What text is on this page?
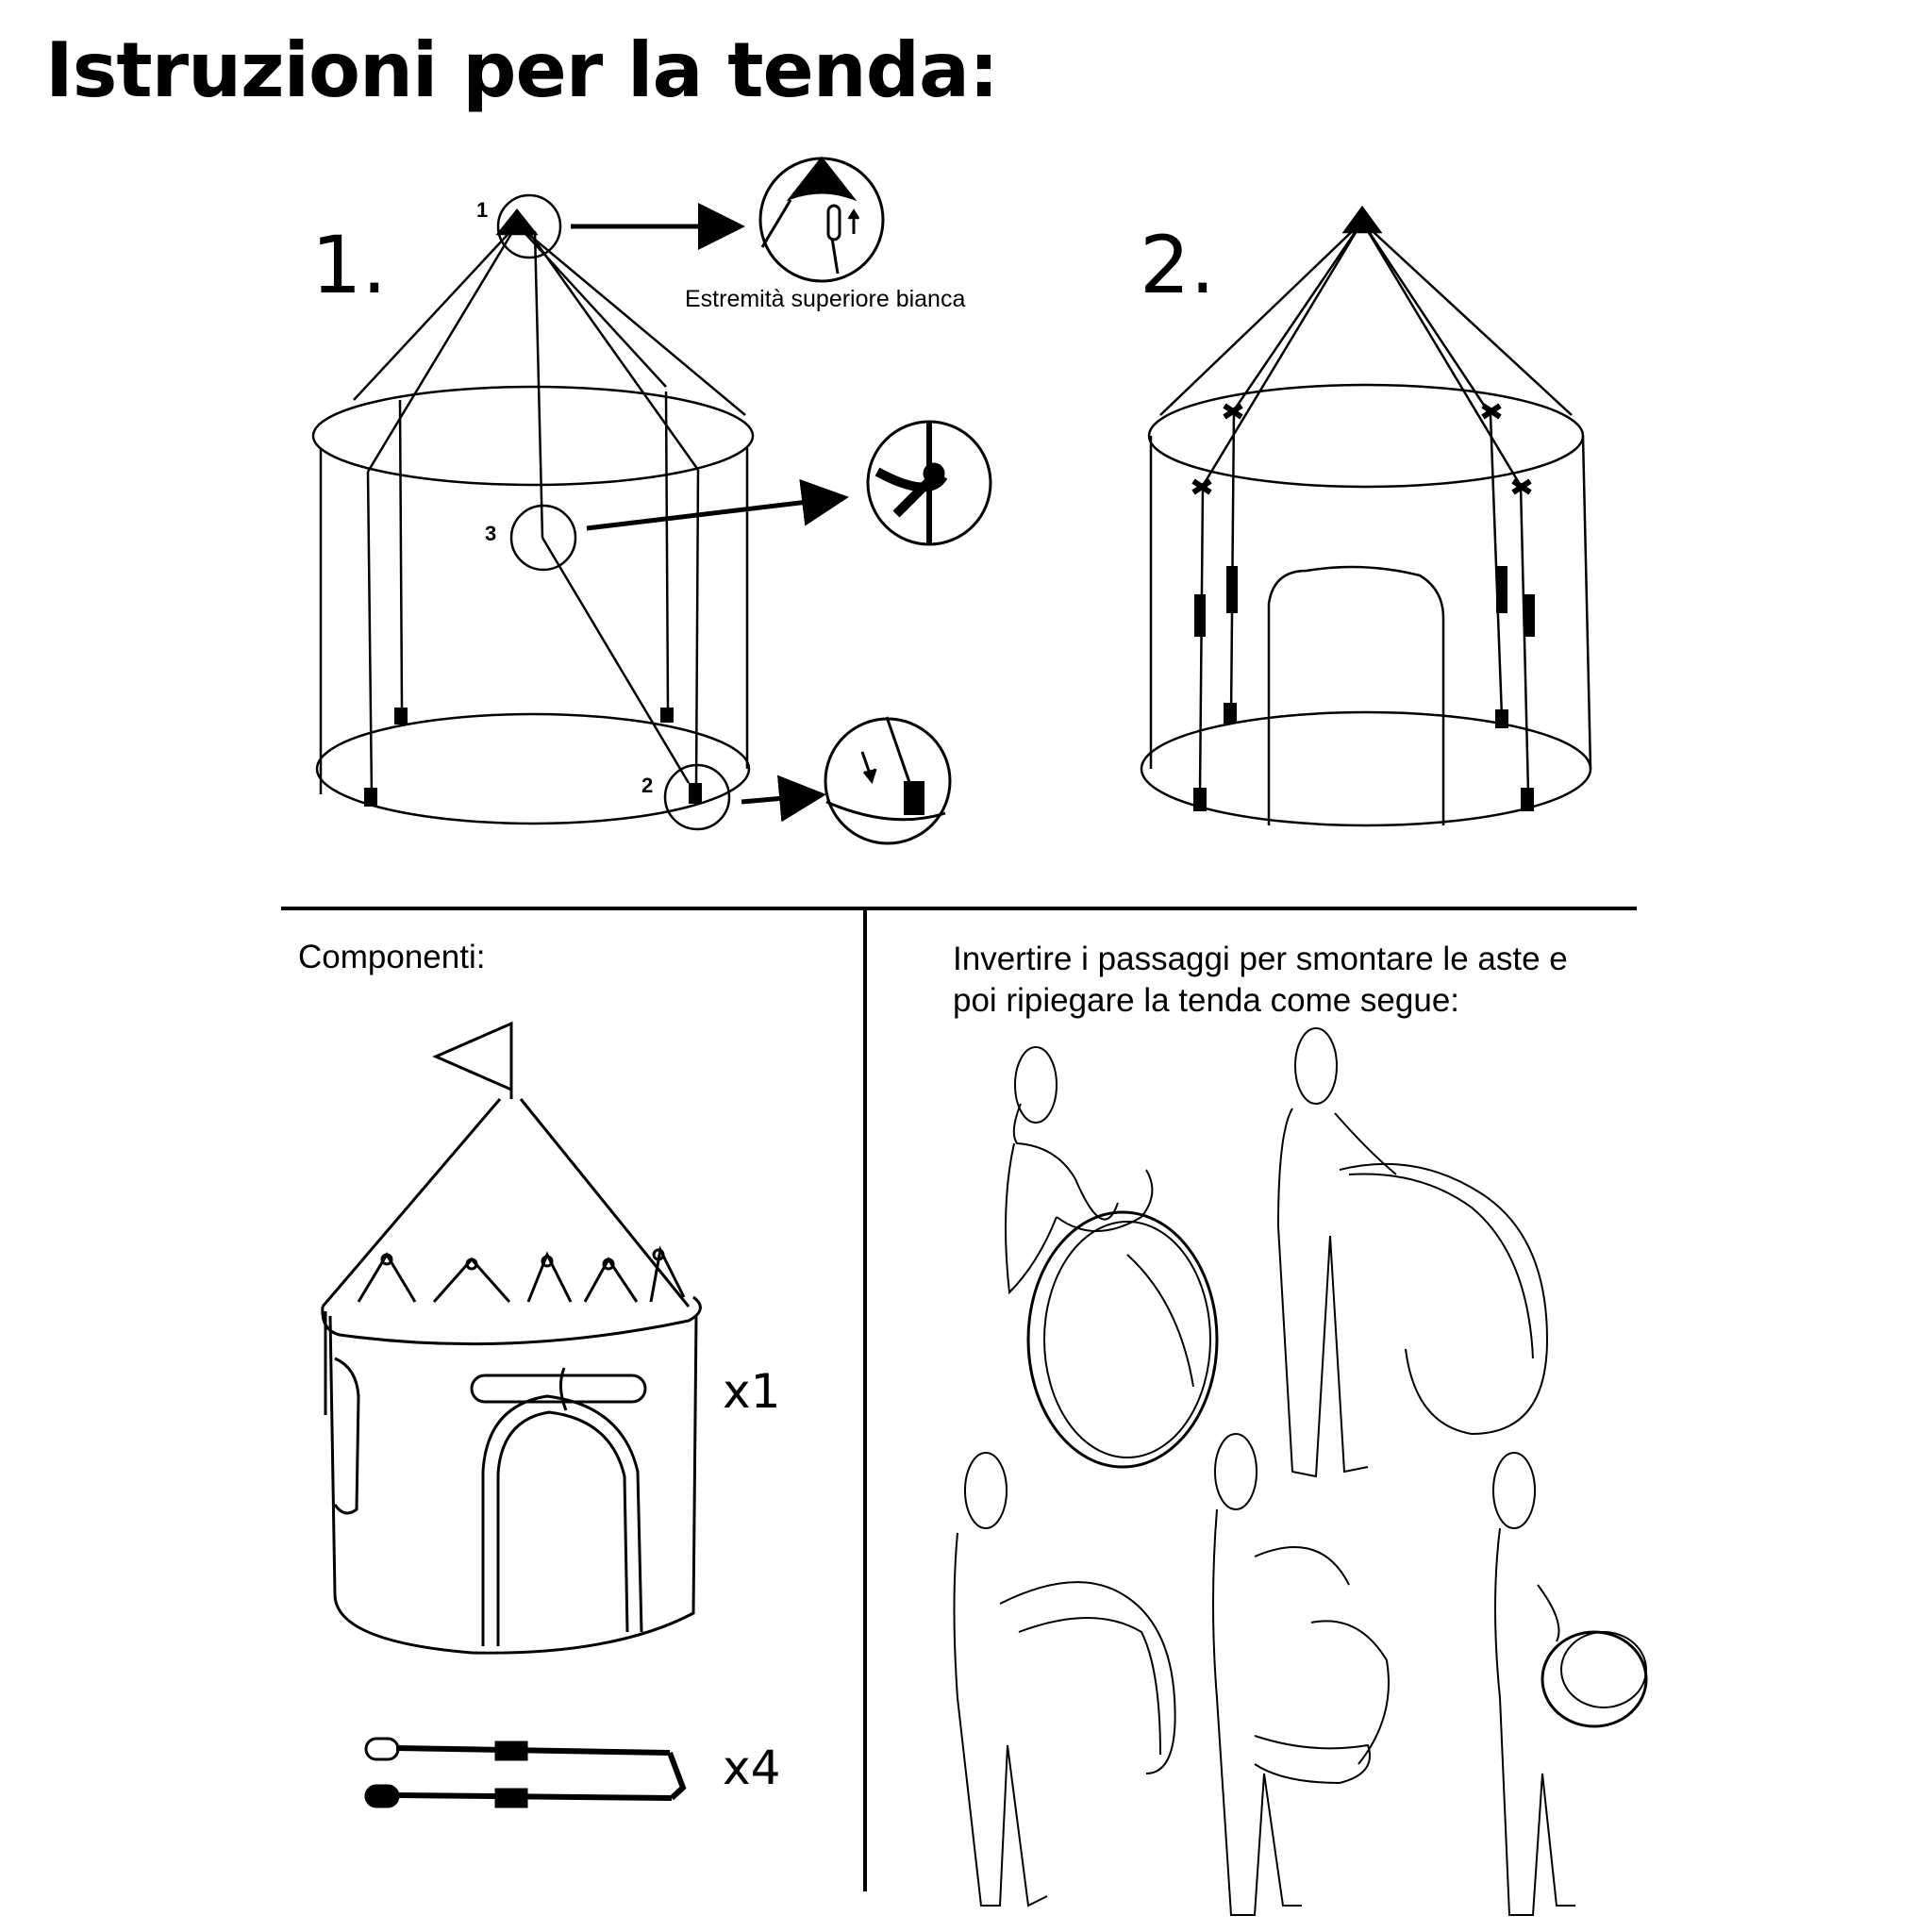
Istruzioni per la tenda:
1.	2.
1
2
3
Estremità superiore bianca
Componenti:	Invertire i passaggi per smontare le aste e
poi ripiegare la tenda come segue:
x1
x4
